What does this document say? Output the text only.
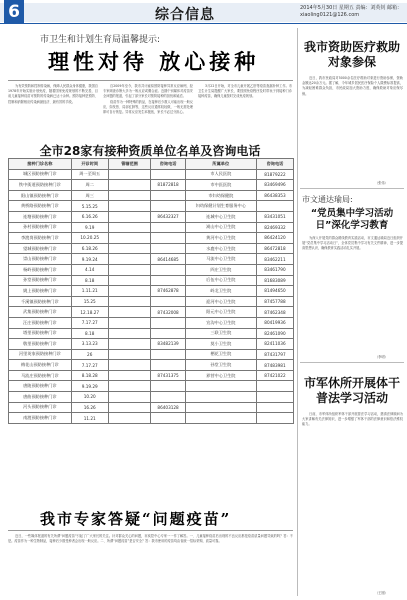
6	综合信息	2014年5月30日 星期五 责编：刘英钊 邮箱：xiaoling0121@126.com
市卫生和计划生育局温馨提示:
理性对待 放心接种

为有效预防和控制传染病，保障人民群众身体健康，我国自1978年开始实施计划免疫，随着国家免疫规划的不断完善，目前儿童接种疫苗可预防的传染病已达十余种。预防接种是预防、控制和消除相应传染病最经济、最有效的手段。

自2009年至今，我市共计疑似预防接种异常反应病例，经专家调查诊断大多为一般反应或偶合症。近期个别媒体对疫苗安全问题的报道，引起了部分家长对预防接种的担忧和疑虑。

疫苗作为一种特殊的药品，在接种后少数人可能出现一般反应，如发热、局部红肿等，这些反应通常较轻微，一般无需处理即可自行恢复。异常反应发生率极低，家长不必过分担心。

3月22日开始，对全市儿童开展乙肝等疫苗查漏补种工作。市卫生计生局提醒广大家长，要按照免疫程序及时带孩子到接种门诊接种疫苗，确保儿童按时完成免疫规划。

全市28家有接种资质单位名单及咨询电话
接种门诊名称	开诊时间	管辖范围	咨询电话	所属单位	咨询电话
城区预防接种门诊	周一至周五			市人民医院	81879222
铁中街道预防接种门诊	周二		81872818	市中医医院	83469496
阳山镇预防接种门诊	周三			市妇幼保健院	86438353
黄桥路预防接种门诊	5.15.25			妇幼保健计划生育服务中心	
连塘预防接种门诊	6.16.26		86432327	连城中心卫生院	83431051
孙村预防接种门诊	9.19			嵩山中心卫生院	82469332
李渡岗预防接种门诊	10.20.25			黄河中心卫生院	86424120
望城预防接种门诊	6.18.26			水鹿中心卫生院	86472818
崇山预防接种门诊	9.19.24		86414685	马流中心卫生院	83462211
杨岭预防接种门诊	4.14			四庄卫生院	83461790
孙堂预防接种门诊	8.18			后伍中心卫生院	81683089
姚上预防接种门诊	1.11.21		87462878	岭北卫生院	81494650
千溪镇预防接种门诊	15.25			迎河中心卫生院	87457788
武集预防接种门诊	12.18.27		87432008	阳元中心卫生院	87462348
汪庄预防接种门诊	7.17.27			宣沟中心卫生院	80419936
塔里预防接种门诊	8.18			三联卫生院	82461090
敬里预防接种门诊	3.13.23		83482139	莫小卫生院	82411036
河里英家预防接种门诊	26			栖花卫生院	87431797
梅花山预防接种门诊	7.17.27			孙堂卫生院	87483981
马流庄预防接种门诊	8.18.28		87431375	界营中心卫生院	87421022
唐陵预防接种门诊	9.19.29				
唐曲预防接种门诊	10.20				
河头预防接种门诊	16.26		86403128		
南渡预防接种门诊	11.21				
我市专家答疑“问题疫苗”

近日，一些媒体报道的有关所谓“问题疫苗”引起了广大家长的关注。针对群众关心的问题，市疾控中心专家一一作了解答。一、儿童接种疫苗后出现的不良反应都是疫苗质量问题导致的吗？答：不是。疫苗作为一种生物制品，接种后少数受种者会出现一般反应。二、所谓“问题疫苗”是否安全？答：我市使用的疫苗均由省统一招标采购，质量可靠。

我市资助医疗救助对象参保

近日，我市民政局对5000余名医疗救助对象进行资助参保，资助金额达20余万元。据了解，今年城乡居民医疗保险个人缴费标准提高，为减轻困难群众负担，市民政局加大资助力度，确保救助对象应保尽保。

（张伟）
市文通达瑜局:
“党员集中学习活动日”深化学习教育

为深入开展党的群众路线教育实践活动，市文通达瑜局近日组织开展“党员集中学习活动日”，全体党员集中学习有关文件精神，进一步提高思想认识，确保教育实践活动扎实开展。

（李明）
市军休所开展体干普法学习活动

日前，市军休所组织军休干部开展普法学习活动，邀请法律顾问为大家讲解有关法律知识，进一步增强了军休干部的法律意识和依法维权能力。

（王刚）
